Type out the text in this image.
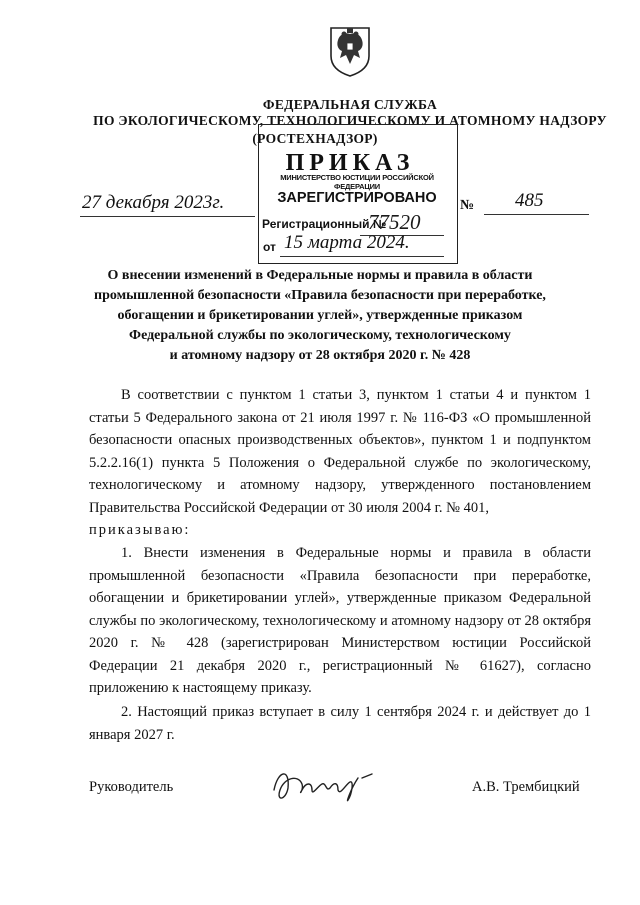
ФЕДЕРАЛЬНАЯ СЛУЖБА
ПО ЭКОЛОГИЧЕСКОМУ, ТЕХНОЛОГИЧЕСКОМУ И АТОМНОМУ НАДЗОРУ
(РОСТЕХНАДЗОР)
ПРИКАЗ
МИНИСТЕРСТВО ЮСТИЦИИ РОССИЙСКОЙ ФЕДЕРАЦИИ
ЗАРЕГИСТРИРОВАНО
Регистрационный №
77520
от 15 марта 2024.
27 декабря 2023г.	№ 485
О внесении изменений в Федеральные нормы и правила в области
промышленной безопасности «Правила безопасности при переработке,
обогащении и брикетировании углей», утвержденные приказом
Федеральной службы по экологическому, технологическому
и атомному надзору от 28 октября 2020 г. № 428

В соответствии с пунктом 1 статьи 3, пунктом 1 статьи 4 и пунктом 1 статьи 5 Федерального закона от 21 июля 1997 г. № 116-ФЗ «О промышленной безопасности опасных производственных объектов», пунктом 1 и подпунктом 5.2.2.16(1) пункта 5 Положения о Федеральной службе по экологическому, технологическому и атомному надзору, утвержденного постановлением Правительства Российской Федерации от 30 июля 2004 г. № 401,

приказываю:

1. Внести изменения в Федеральные нормы и правила в области промышленной безопасности «Правила безопасности при переработке, обогащении и брикетировании углей», утвержденные приказом Федеральной службы по экологическому, технологическому и атомному надзору от 28 октября 2020 г. № 428 (зарегистрирован Министерством юстиции Российской Федерации 21 декабря 2020 г., регистрационный № 61627), согласно приложению к настоящему приказу.

2. Настоящий приказ вступает в силу 1 сентября 2024 г. и действует до 1 января 2027 г.

Руководитель	А.В. Трембицкий
